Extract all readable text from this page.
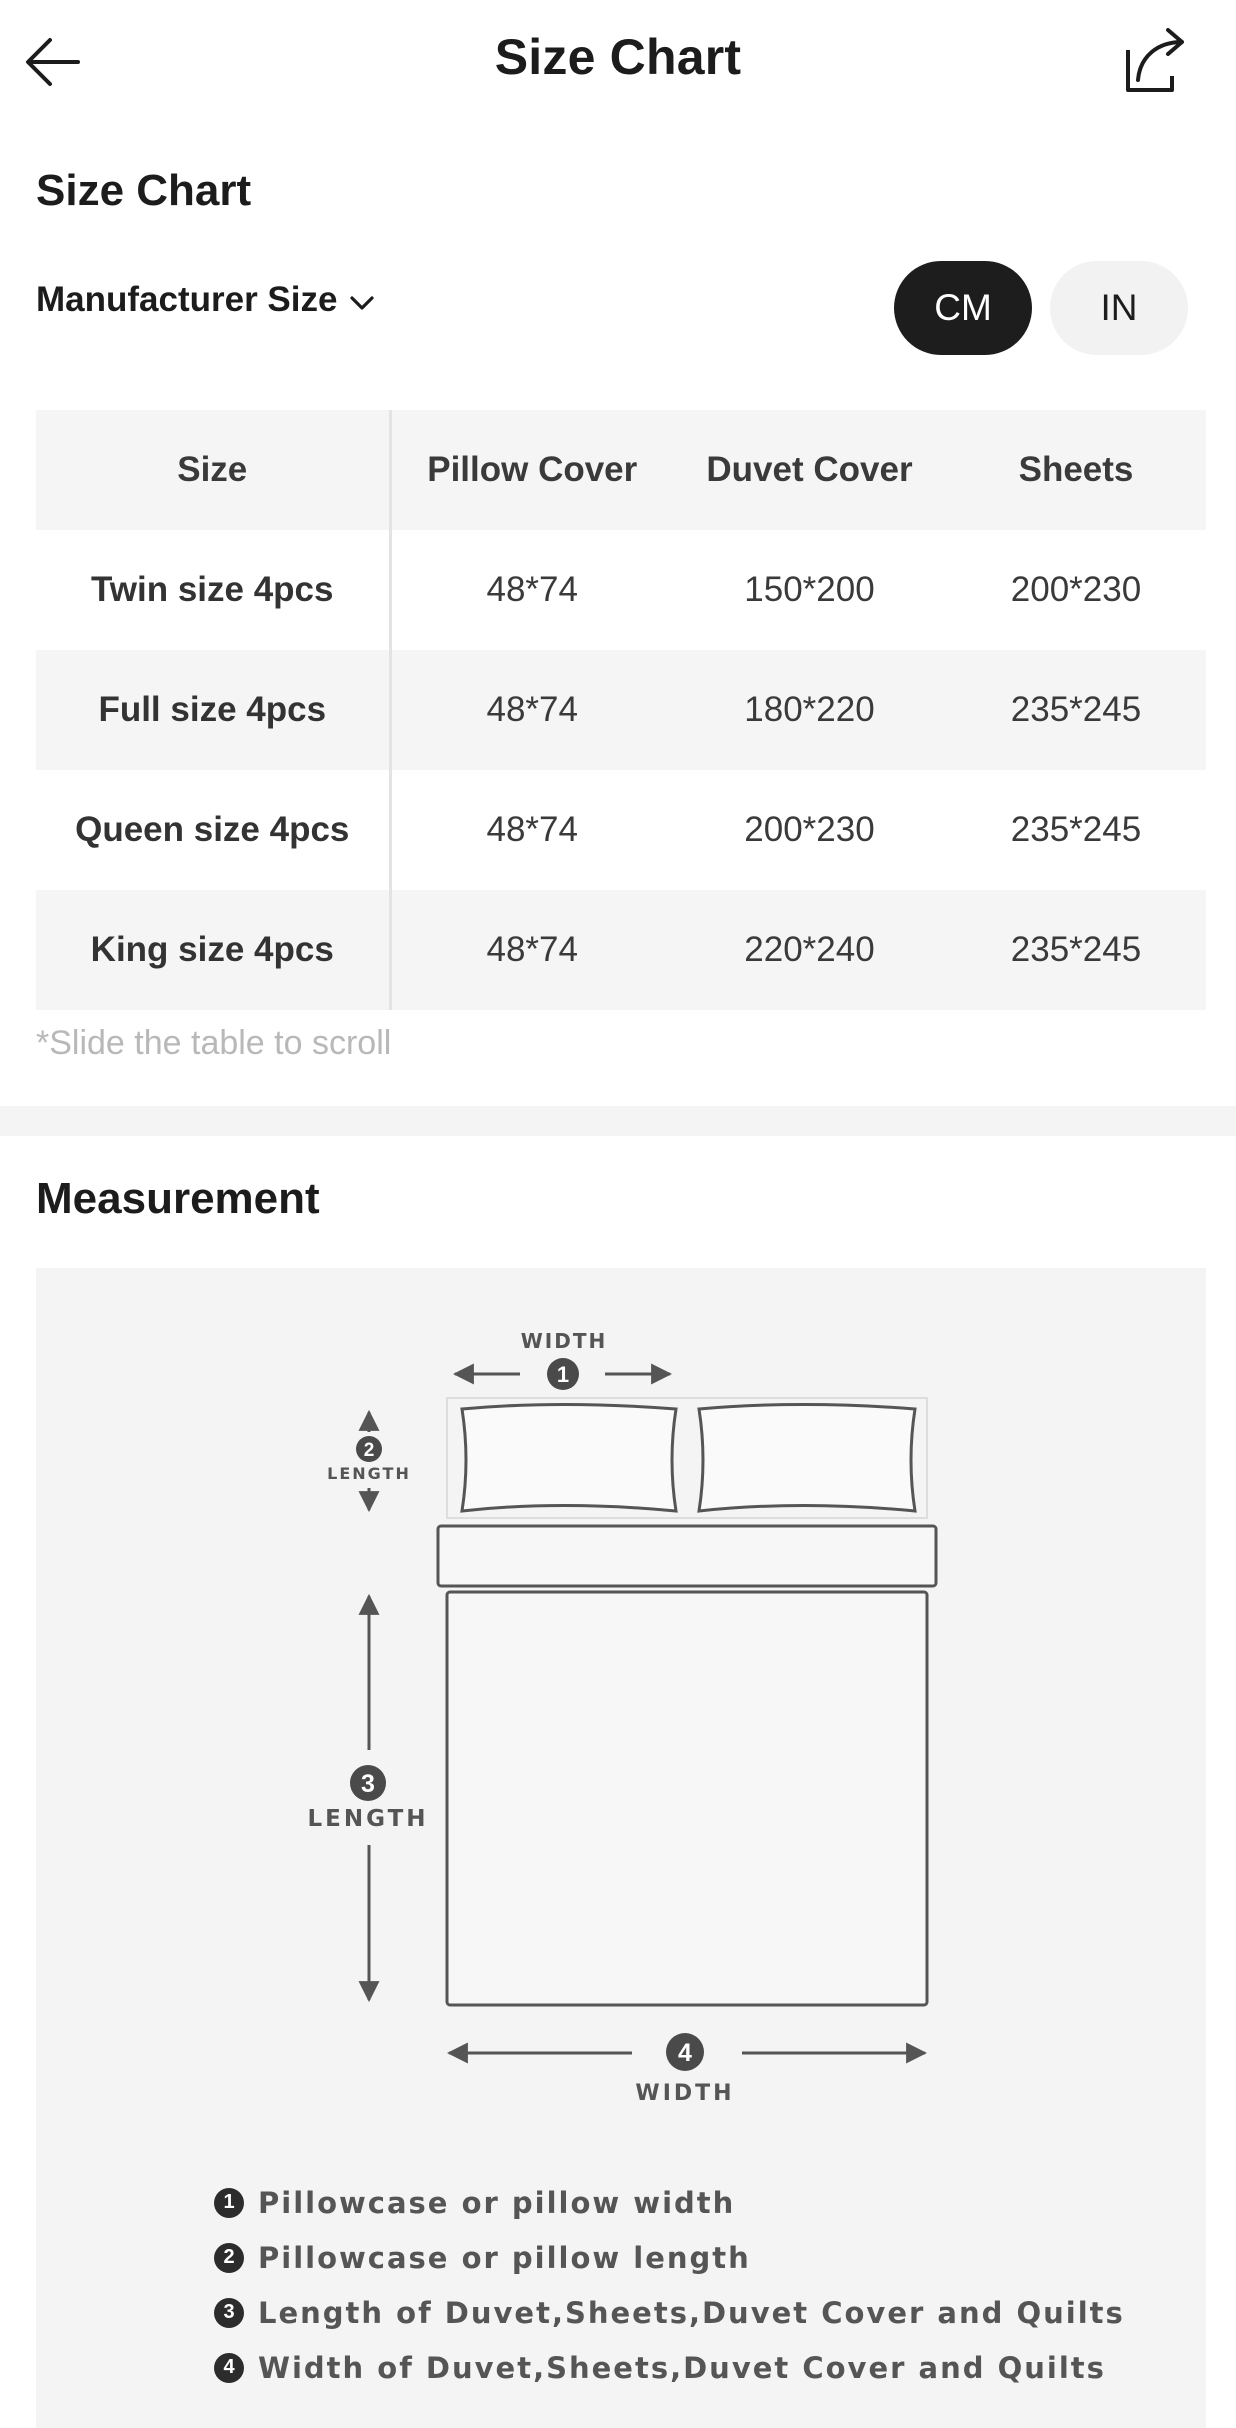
Size Chart
Size Chart
Manufacturer Size	CM	IN
Size	Pillow Cover	Duvet Cover	Sheets
Twin size 4pcs	48*74	150*200	200*230
Full size 4pcs	48*74	180*220	235*245
Queen size 4pcs	48*74	200*230	235*245
King size 4pcs	48*74	220*240	235*245
*Slide the table to scroll
Measurement
WIDTH
1
2
LENGTH
3
LENGTH
4
WIDTH
1 Pillowcase or pillow width
2 Pillowcase or pillow length
3 Length of Duvet,Sheets,Duvet Cover and Quilts
4 Width of Duvet,Sheets,Duvet Cover and Quilts
